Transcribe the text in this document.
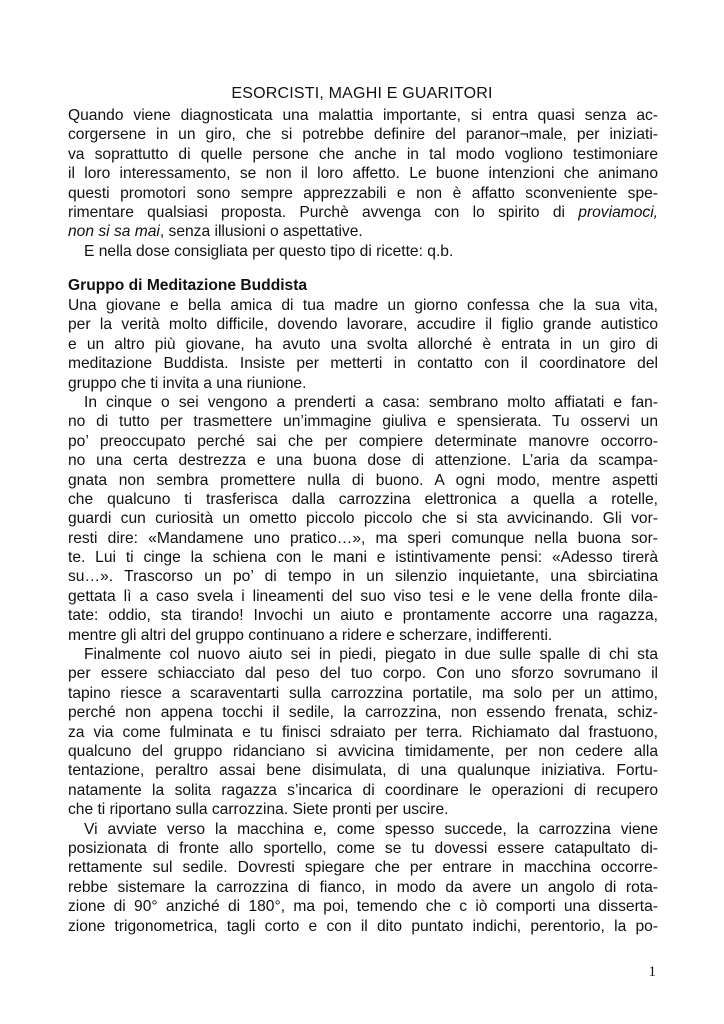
ESORCISTI, MAGHI E GUARITORI
Quando viene diagnosticata una malattia importante, si entra quasi senza ac-
corgersene in un giro, che si potrebbe definire del paranor¬male, per iniziati-
va soprattutto di quelle persone che anche in tal modo vogliono testimoniare
il loro interessamento, se non il loro affetto. Le buone intenzioni che animano
questi promotori sono sempre apprezzabili e non è affatto sconveniente spe-
rimentare qualsiasi proposta. Purchè avvenga con lo spirito di proviamoci,
non si sa mai, senza illusioni o aspettative.
E nella dose consigliata per questo tipo di ricette: q.b.
Gruppo di Meditazione Buddista
Una giovane e bella amica di tua madre un giorno confessa che la sua vita,
per la verità molto difficile, dovendo lavorare, accudire il figlio grande autistico
e un altro più giovane, ha avuto una svolta allorché è entrata in un giro di
meditazione Buddista. Insiste per metterti in contatto con il coordinatore del
gruppo che ti invita a una riunione.
In cinque o sei vengono a prenderti a casa: sembrano molto affiatati e fan-
no di tutto per trasmettere un’immagine giuliva e spensierata. Tu osservi un
po’ preoccupato perché sai che per compiere determinate manovre occorro-
no una certa destrezza e una buona dose di attenzione. L’aria da scampa-
gnata non sembra promettere nulla di buono. A ogni modo, mentre aspetti
che qualcuno ti trasferisca dalla carrozzina elettronica a quella a rotelle,
guardi cun curiosità un ometto piccolo piccolo che si sta avvicinando. Gli vor-
resti dire: «Mandamene uno pratico…», ma speri comunque nella buona sor-
te. Lui ti cinge la schiena con le mani e istintivamente pensi: «Adesso tirerà
su…». Trascorso un po’ di tempo in un silenzio inquietante, una sbirciatina
gettata lì a caso svela i lineamenti del suo viso tesi e le vene della fronte dila-
tate: oddio, sta tirando! Invochi un aiuto e prontamente accorre una ragazza,
mentre gli altri del gruppo continuano a ridere e scherzare, indifferenti.
Finalmente col nuovo aiuto sei in piedi, piegato in due sulle spalle di chi sta
per essere schiacciato dal peso del tuo corpo. Con uno sforzo sovrumano il
tapino riesce a scaraventarti sulla carrozzina portatile, ma solo per un attimo,
perché non appena tocchi il sedile, la carrozzina, non essendo frenata, schiz-
za via come fulminata e tu finisci sdraiato per terra. Richiamato dal frastuono,
qualcuno del gruppo ridanciano si avvicina timidamente, per non cedere alla
tentazione, peraltro assai bene disimulata, di una qualunque iniziativa. Fortu-
natamente la solita ragazza s’incarica di coordinare le operazioni di recupero
che ti riportano sulla carrozzina. Siete pronti per uscire.
Vi avviate verso la macchina e, come spesso succede, la carrozzina viene
posizionata di fronte allo sportello, come se tu dovessi essere catapultato di-
rettamente sul sedile. Dovresti spiegare che per entrare in macchina occorre-
rebbe sistemare la carrozzina di fianco, in modo da avere un angolo di rota-
zione di 90° anziché di 180°, ma poi, temendo che c iò comporti una disserta-
zione trigonometrica, tagli corto e con il dito puntato indichi, perentorio, la po-
1
